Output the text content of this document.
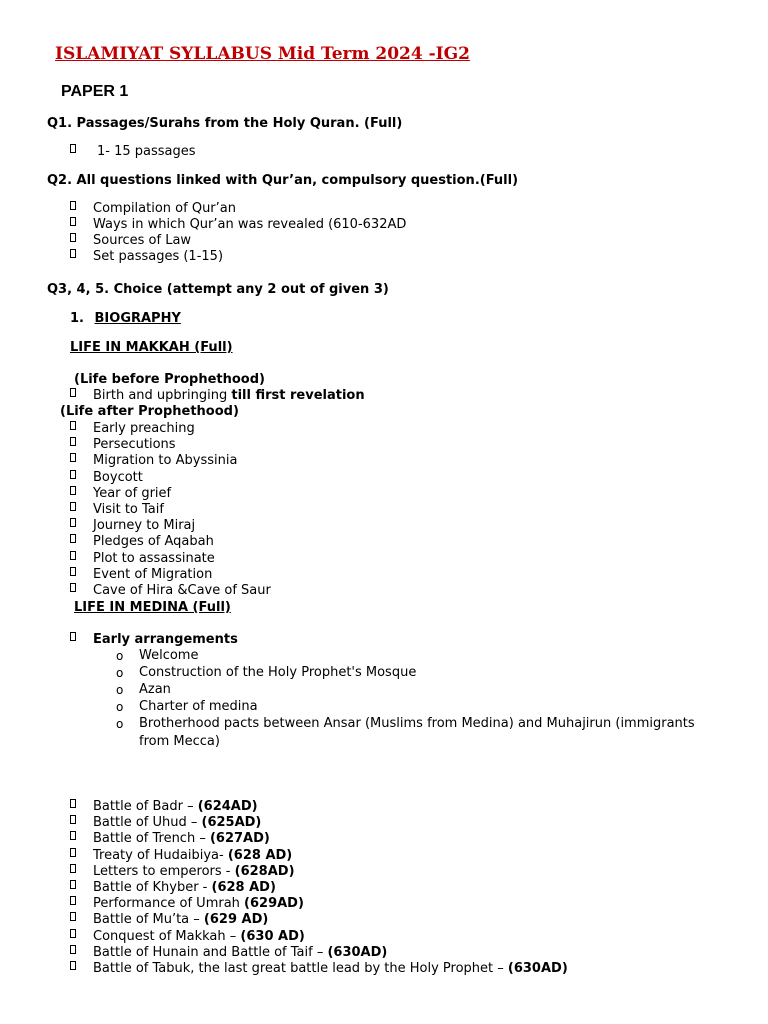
ISLAMIYAT SYLLABUS Mid Term 2024 -IG2
PAPER 1
Q1. Passages/Surahs from the Holy Quran. (Full)
1- 15 passages
Q2. All questions linked with Qur’an, compulsory question.(Full)
Compilation of Qur’an
Ways in which Qur’an was revealed (610-632AD
Sources of Law
Set passages (1-15)
Q3, 4, 5. Choice (attempt any 2 out of given 3)
1. BIOGRAPHY
LIFE IN MAKKAH (Full)
(Life before Prophethood)
Birth and upbringing till first revelation
(Life after Prophethood)
Early preaching
Persecutions
Migration to Abyssinia
Boycott
Year of grief
Visit to Taif
Journey to Miraj
Pledges of Aqabah
Plot to assassinate
Event of Migration
Cave of Hira &Cave of Saur
LIFE IN MEDINA (Full)
Early arrangements
o Welcome
o Construction of the Holy Prophet's Mosque
o Azan
o Charter of medina
o Brotherhood pacts between Ansar (Muslims from Medina) and Muhajirun (immigrants
from Mecca)
Battle of Badr – (624AD)
Battle of Uhud – (625AD)
Battle of Trench – (627AD)
Treaty of Hudaibiya- (628 AD)
Letters to emperors - (628AD)
Battle of Khyber - (628 AD)
Performance of Umrah (629AD)
Battle of Mu’ta – (629 AD)
Conquest of Makkah – (630 AD)
Battle of Hunain and Battle of Taif – (630AD)
Battle of Tabuk, the last great battle lead by the Holy Prophet – (630AD)
